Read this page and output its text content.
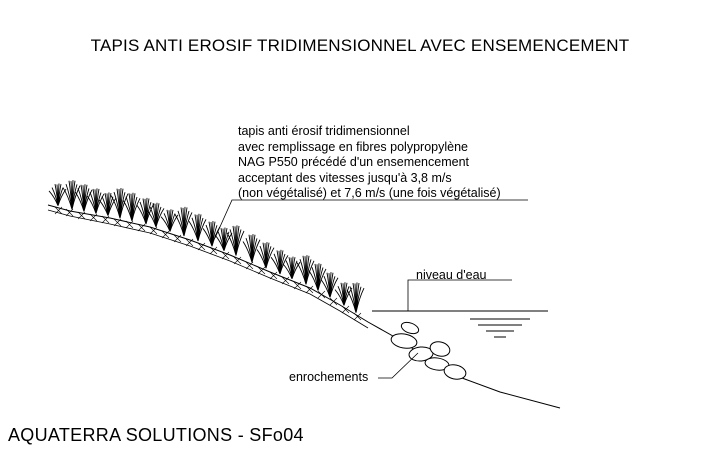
TAPIS ANTI EROSIF TRIDIMENSIONNEL AVEC ENSEMENCEMENT
tapis anti érosif tridimensionnel
avec remplissage en fibres polypropylène
NAG P550 précédé d'un ensemencement
acceptant des vitesses jusqu'à 3,8 m/s
(non végétalisé) et 7,6 m/s (une fois végétalisé)
niveau d'eau
enrochements
AQUATERRA SOLUTIONS - SFo04
